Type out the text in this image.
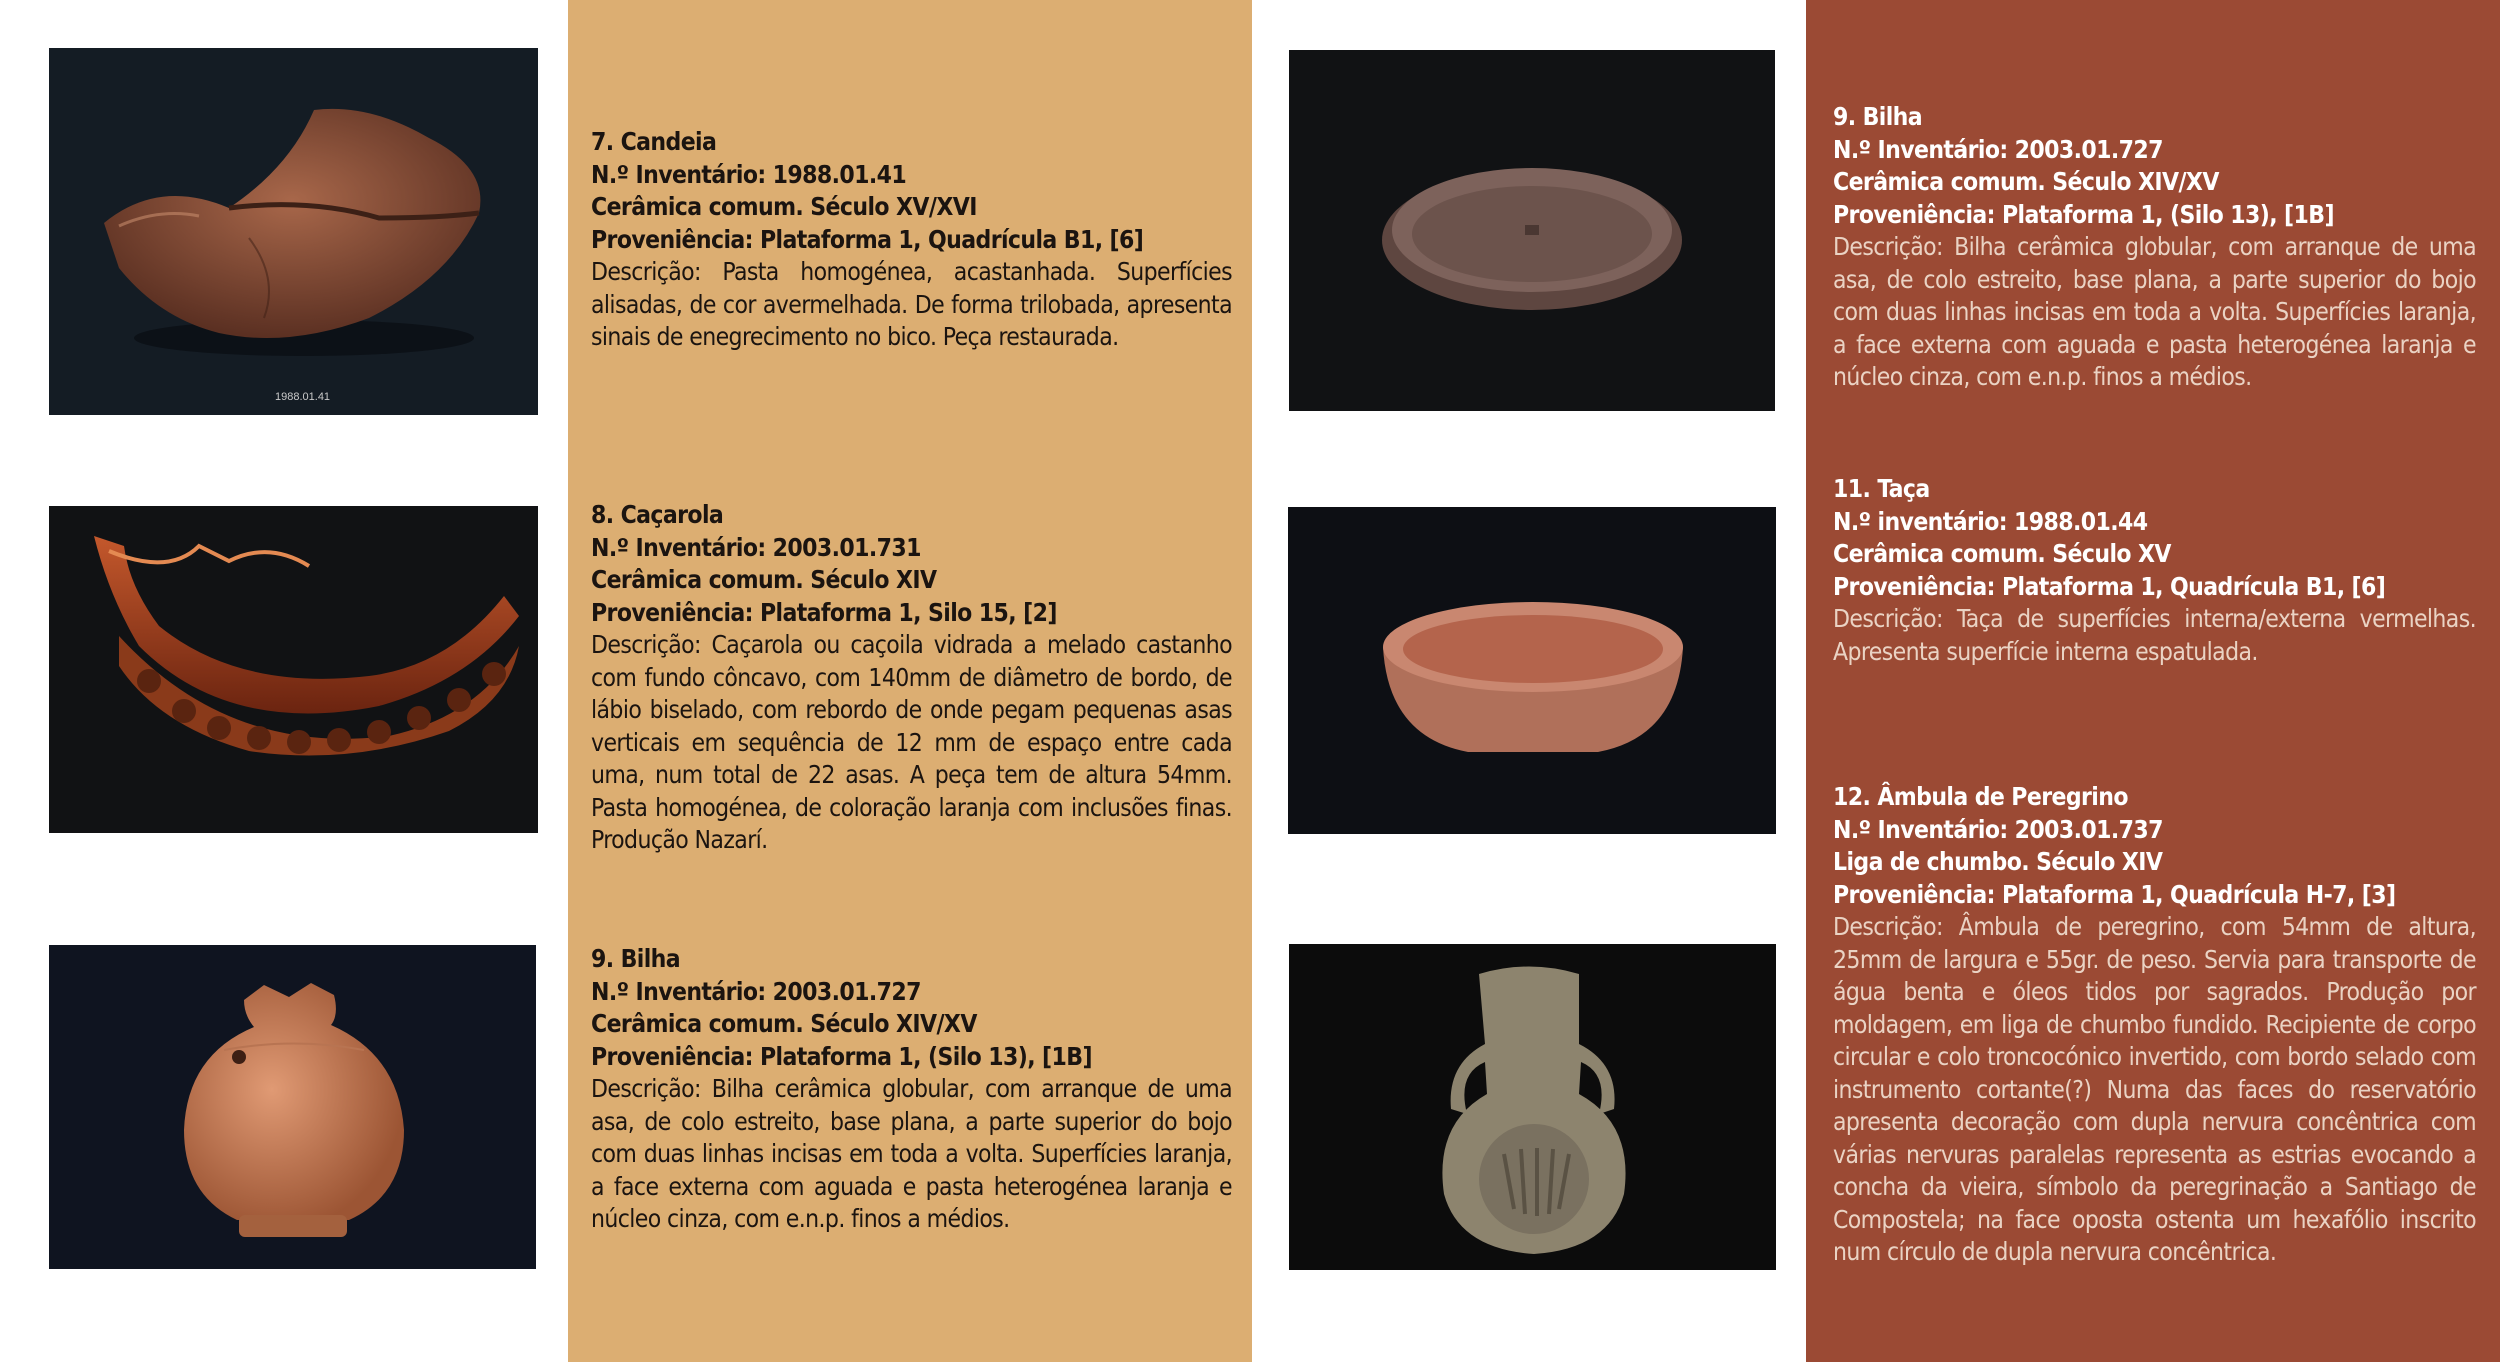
1988.01.41
7. Candeia
N.º Inventário: 1988.01.41
Cerâmica comum. Século XV/XVI
Proveniência: Plataforma 1, Quadrícula B1, [6]
Descrição: Pasta homogénea, acastanhada. Superfícies alisadas, de cor avermelhada. De forma trilobada, apresenta sinais de enegrecimento no bico. Peça restaurada.
8. Caçarola
N.º Inventário: 2003.01.731
Cerâmica comum. Século XIV
Proveniência: Plataforma 1, Silo 15, [2]
Descrição: Caçarola ou caçoila vidrada a melado castanho com fundo côncavo, com 140mm de diâmetro de bordo, de lábio biselado, com rebordo de onde pegam pequenas asas verticais em sequência de 12 mm de espaço entre cada uma, num total de 22 asas. A peça tem de altura 54mm. Pasta homogénea, de coloração laranja com inclusões finas. Produção Nazarí.
9. Bilha
N.º Inventário: 2003.01.727
Cerâmica comum. Século XIV/XV
Proveniência: Plataforma 1, (Silo 13), [1B]
Descrição: Bilha cerâmica globular, com arranque de uma asa, de colo estreito, base plana, a parte superior do bojo com duas linhas incisas em toda a volta. Superfícies laranja, a face externa com aguada e pasta heterogénea laranja e núcleo cinza, com e.n.p. finos a médios.
9. Bilha
N.º Inventário: 2003.01.727
Cerâmica comum. Século XIV/XV
Proveniência: Plataforma 1, (Silo 13), [1B]
Descrição: Bilha cerâmica globular, com arranque de uma asa, de colo estreito, base plana, a parte superior do bojo com duas linhas incisas em toda a volta. Superfícies laranja, a face externa com aguada e pasta heterogénea laranja e núcleo cinza, com e.n.p. finos a médios.
11. Taça
N.º inventário: 1988.01.44
Cerâmica comum. Século XV
Proveniência: Plataforma 1, Quadrícula B1, [6]
Descrição: Taça de superfícies interna/externa vermelhas. Apresenta superfície interna espatulada.
12. Âmbula de Peregrino
N.º Inventário: 2003.01.737
Liga de chumbo. Século XIV
Proveniência: Plataforma 1, Quadrícula H-7, [3]
Descrição: Âmbula de peregrino, com 54mm de altura, 25mm de largura e 55gr. de peso. Servia para transporte de água benta e óleos tidos por sagrados. Produção por moldagem, em liga de chumbo fundido. Recipiente de corpo circular e colo troncocónico invertido, com bordo selado com instrumento cortante(?) Numa das faces do reservatório apresenta decoração com dupla nervura concêntrica com várias nervuras paralelas representa as estrias evocando a concha da vieira, símbolo da peregrinação a Santiago de Compostela; na face oposta ostenta um hexafólio inscrito num círculo de dupla nervura concêntrica.
